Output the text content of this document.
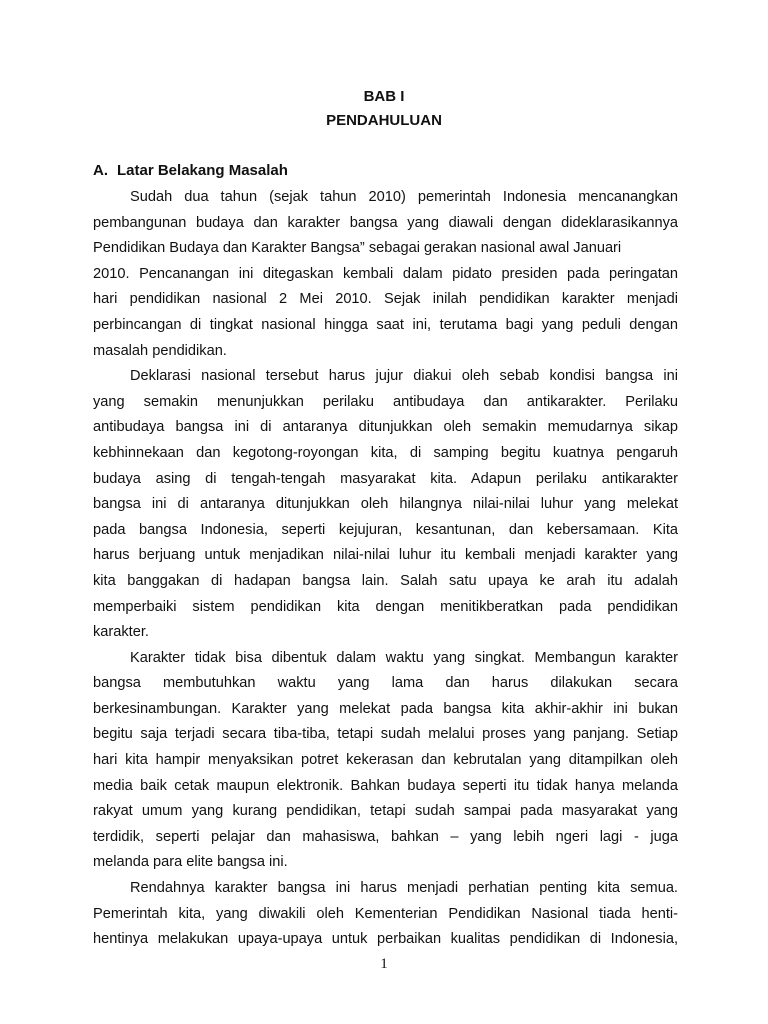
BAB I

PENDAHULUAN

A. Latar Belakang Masalah

Sudah dua tahun (sejak tahun 2010) pemerintah Indonesia mencanangkan
pembangunan budaya dan karakter bangsa yang diawali dengan dideklarasikannya
Pendidikan Budaya dan Karakter Bangsa” sebagai gerakan nasional awal Januari
2010. Pencanangan ini ditegaskan kembali dalam pidato presiden pada peringatan
hari pendidikan nasional 2 Mei 2010. Sejak inilah pendidikan karakter menjadi
perbincangan di tingkat nasional hingga saat ini, terutama bagi yang peduli dengan
masalah pendidikan.
Deklarasi nasional tersebut harus jujur diakui oleh sebab kondisi bangsa ini
yang semakin menunjukkan perilaku antibudaya dan antikarakter. Perilaku
antibudaya bangsa ini di antaranya ditunjukkan oleh semakin memudarnya sikap
kebhinnekaan dan kegotong-royongan kita, di samping begitu kuatnya pengaruh
budaya asing di tengah-tengah masyarakat kita. Adapun perilaku antikarakter
bangsa ini di antaranya ditunjukkan oleh hilangnya nilai-nilai luhur yang melekat
pada bangsa Indonesia, seperti kejujuran, kesantunan, dan kebersamaan. Kita
harus berjuang untuk menjadikan nilai-nilai luhur itu kembali menjadi karakter yang
kita banggakan di hadapan bangsa lain. Salah satu upaya ke arah itu adalah
memperbaiki sistem pendidikan kita dengan menitikberatkan pada pendidikan
karakter.
Karakter tidak bisa dibentuk dalam waktu yang singkat. Membangun karakter
bangsa membutuhkan waktu yang lama dan harus dilakukan secara
berkesinambungan. Karakter yang melekat pada bangsa kita akhir-akhir ini bukan
begitu saja terjadi secara tiba-tiba, tetapi sudah melalui proses yang panjang. Setiap
hari kita hampir menyaksikan potret kekerasan dan kebrutalan yang ditampilkan oleh
media baik cetak maupun elektronik. Bahkan budaya seperti itu tidak hanya melanda
rakyat umum yang kurang pendidikan, tetapi sudah sampai pada masyarakat yang
terdidik, seperti pelajar dan mahasiswa, bahkan – yang lebih ngeri lagi - juga
melanda para elite bangsa ini.
Rendahnya karakter bangsa ini harus menjadi perhatian penting kita semua.
Pemerintah kita, yang diwakili oleh Kementerian Pendidikan Nasional tiada henti-
hentinya melakukan upaya-upaya untuk perbaikan kualitas pendidikan di Indonesia,

1
